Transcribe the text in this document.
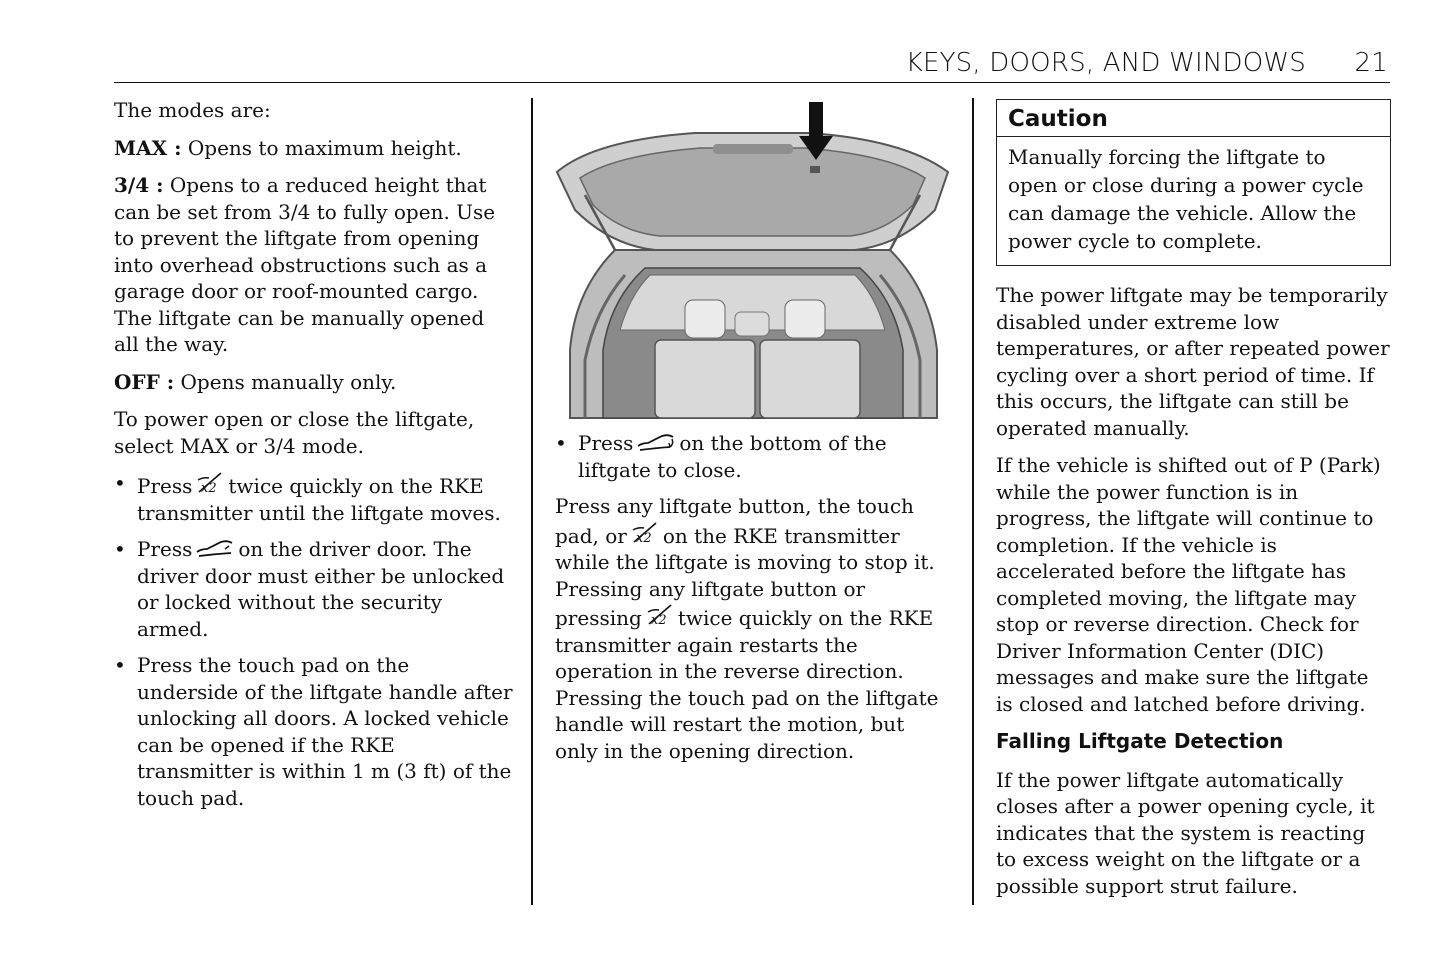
KEYS, DOORS, AND WINDOWS 21

The modes are:

MAX : Opens to maximum height.

3/4 : Opens to a reduced height that can be set from 3/4 to fully open. Use to prevent the liftgate from opening into overhead obstructions such as a garage door or roof-mounted cargo. The liftgate can be manually opened all the way.

OFF : Opens manually only.

To power open or close the liftgate, select MAX or 3/4 mode.

• Press twice quickly on the RKE transmitter until the liftgate moves.
• Press on the driver door. The driver door must either be unlocked or locked without the security armed.
• Press the touch pad on the underside of the liftgate handle after unlocking all doors. A locked vehicle can be opened if the RKE transmitter is within 1 m (3 ft) of the touch pad.
• Press on the bottom of the liftgate to close.

Press any liftgate button, the touch pad, or on the RKE transmitter while the liftgate is moving to stop it. Pressing any liftgate button or pressing twice quickly on the RKE transmitter again restarts the operation in the reverse direction. Pressing the touch pad on the liftgate handle will restart the motion, but only in the opening direction.

Caution
Manually forcing the liftgate to open or close during a power cycle can damage the vehicle. Allow the power cycle to complete.

The power liftgate may be temporarily disabled under extreme low temperatures, or after repeated power cycling over a short period of time. If this occurs, the liftgate can still be operated manually.

If the vehicle is shifted out of P (Park) while the power function is in progress, the liftgate will continue to completion. If the vehicle is accelerated before the liftgate has completed moving, the liftgate may stop or reverse direction. Check for Driver Information Center (DIC) messages and make sure the liftgate is closed and latched before driving.

Falling Liftgate Detection

If the power liftgate automatically closes after a power opening cycle, it indicates that the system is reacting to excess weight on the liftgate or a possible support strut failure.
